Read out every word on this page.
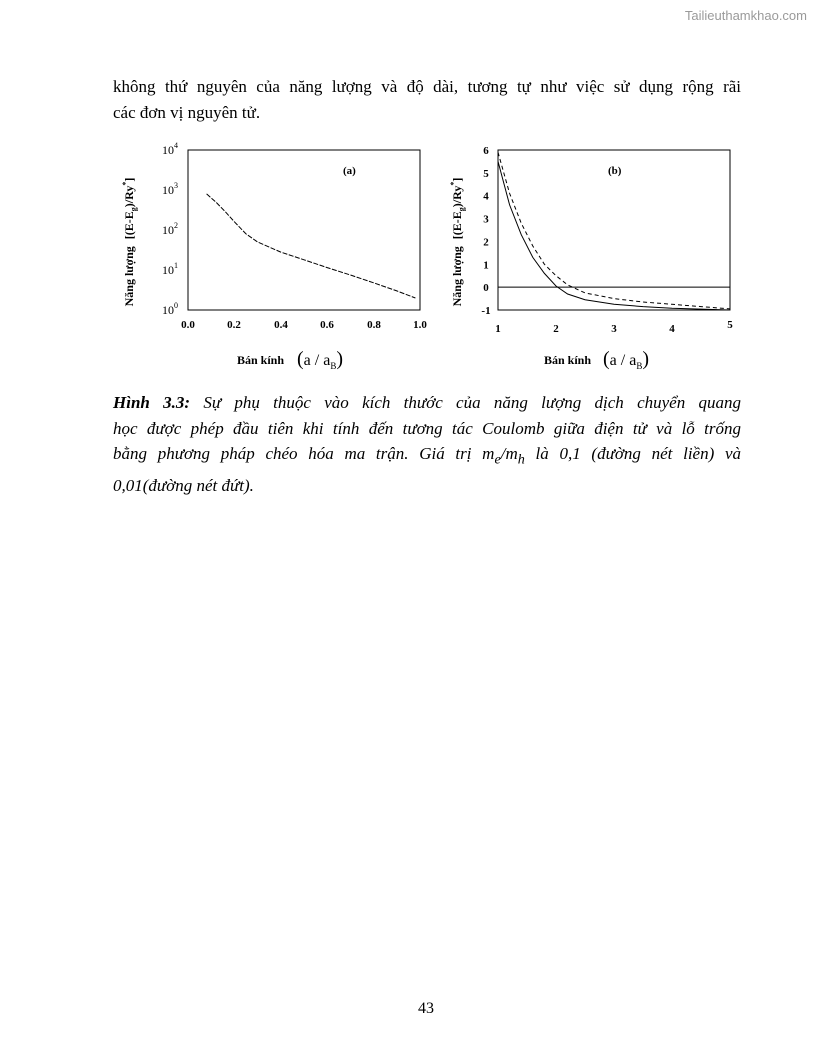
Tailieuthamkhao.com

không thứ nguyên của năng lượng và độ dài, tương tự như việc sử dụng rộng rãi
các đơn vị nguyên tử.

(a)
Năng lượng $[(E-E_g)/Ry^*]$
$10^0$
$10^1$
$10^2$
$10^3$
$10^4$
0.0	0.2	0.4	0.6	0.8	1.0
Bán kính $(a / a_B)$
(b)
Năng lượng $[(E-E_g)/Ry^*]$
6
5
4
3
2
1
0
-1
1	2	3	4	5
Bán kính $(a / a_B)$

Hình 3.3: Sự phụ thuộc vào kích thước của năng lượng dịch chuyển quang
học được phép đầu tiên khi tính đến tương tác Coulomb giữa điện tử và lỗ trống
bằng phương pháp chéo hóa ma trận. Giá trị $m_e/m_h$ là 0,1 (đường nét liền) và
0,01(đường nét đứt).

43
